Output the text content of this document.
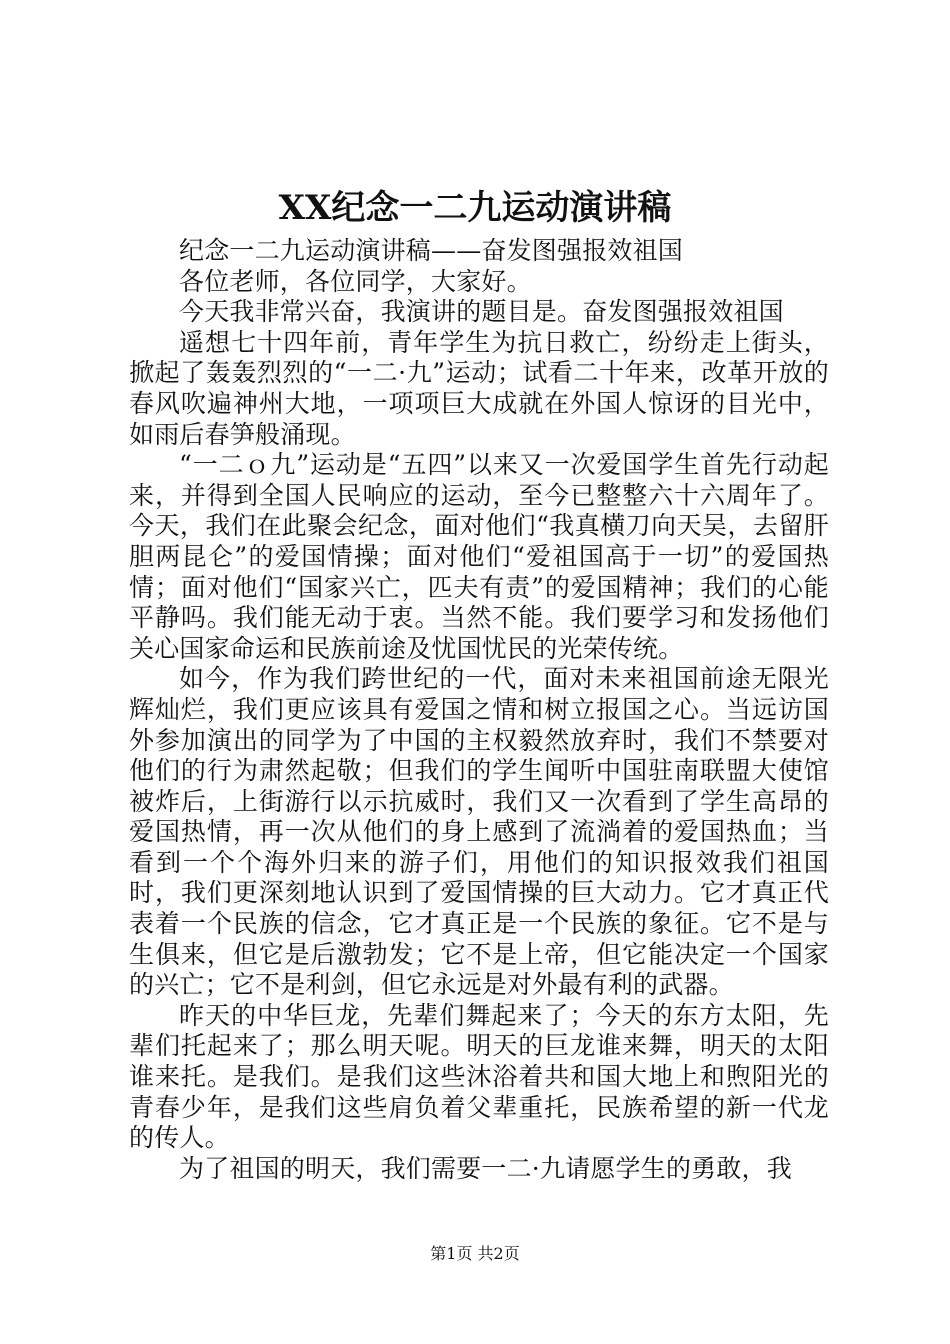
XX纪念一二九运动演讲稿

纪念一二九运动演讲稿——奋发图强报效祖国

各位老师，各位同学，大家好。

今天我非常兴奋，我演讲的题目是。奋发图强报效祖国

遥想七十四年前，青年学生为抗日救亡，纷纷走上街头，掀起了轰轰烈烈的“一二·九”运动；试看二十年来，改革开放的春风吹遍神州大地，一项项巨大成就在外国人惊讶的目光中，如雨后春笋般涌现。

“一二ｏ九”运动是“五四”以来又一次爱国学生首先行动起来，并得到全国人民响应的运动，至今已整整六十六周年了。今天，我们在此聚会纪念，面对他们“我真横刀向天吴，去留肝胆两昆仑”的爱国情操；面对他们“爱祖国高于一切”的爱国热情；面对他们“国家兴亡，匹夫有责”的爱国精神；我们的心能平静吗。我们能无动于衷。当然不能。我们要学习和发扬他们关心国家命运和民族前途及忧国忧民的光荣传统。

如今，作为我们跨世纪的一代，面对未来祖国前途无限光辉灿烂，我们更应该具有爱国之情和树立报国之心。当远访国外参加演出的同学为了中国的主权毅然放弃时，我们不禁要对他们的行为肃然起敬；但我们的学生闻听中国驻南联盟大使馆被炸后，上街游行以示抗威时，我们又一次看到了学生高昂的爱国热情，再一次从他们的身上感到了流淌着的爱国热血；当看到一个个海外归来的游子们，用他们的知识报效我们祖国时，我们更深刻地认识到了爱国情操的巨大动力。它才真正代表着一个民族的信念，它才真正是一个民族的象征。它不是与生俱来，但它是后激勃发；它不是上帝，但它能决定一个国家的兴亡；它不是利剑，但它永远是对外最有利的武器。

昨天的中华巨龙，先辈们舞起来了；今天的东方太阳，先辈们托起来了；那么明天呢。明天的巨龙谁来舞，明天的太阳谁来托。是我们。是我们这些沐浴着共和国大地上和煦阳光的青春少年，是我们这些肩负着父辈重托，民族希望的新一代龙的传人。

为了祖国的明天，我们需要一二·九请愿学生的勇敢，我

第1页 共2页
